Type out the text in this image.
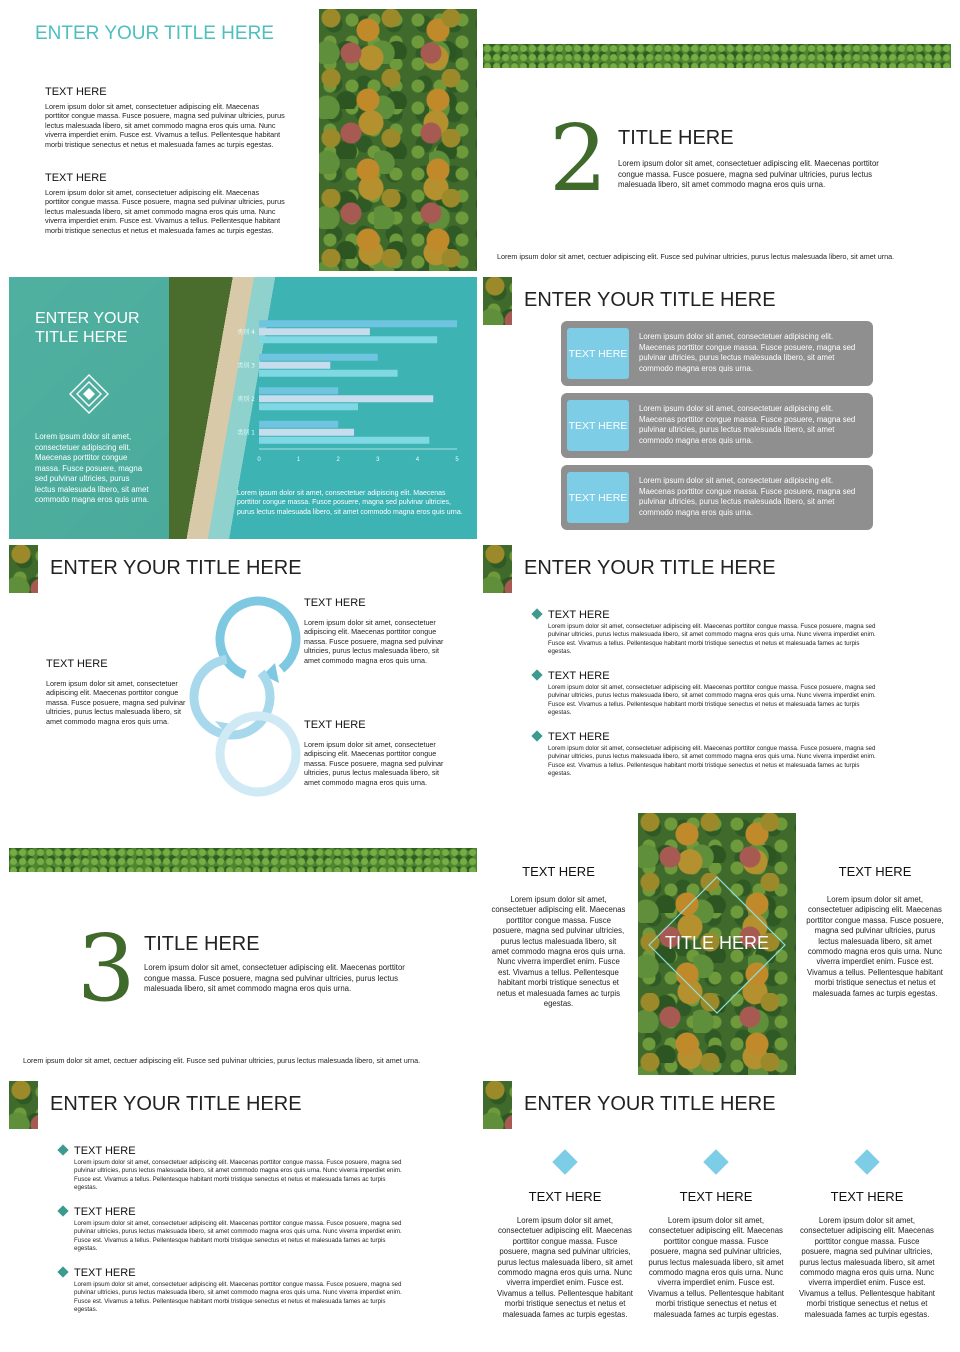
ENTER YOUR TITLE HERE
TEXT HERE
Lorem ipsum dolor sit amet, consectetuer adipiscing elit. Maecenas porttitor congue massa. Fusce posuere, magna sed pulvinar ultricies, purus lectus malesuada libero, sit amet commodo magna eros quis urna. Nunc viverra imperdiet enim. Fusce est. Vivamus a tellus. Pellentesque habitant morbi tristique senectus et netus et malesuada fames ac turpis egestas.
TEXT HERE
Lorem ipsum dolor sit amet, consectetuer adipiscing elit. Maecenas porttitor congue massa. Fusce posuere, magna sed pulvinar ultricies, purus lectus malesuada libero, sit amet commodo magna eros quis urna. Nunc viverra imperdiet enim. Fusce est. Vivamus a tellus. Pellentesque habitant morbi tristique senectus et netus et malesuada fames ac turpis egestas.
2 TITLE HERE
Lorem ipsum dolor sit amet, consectetuer adipiscing elit. Maecenas porttitor congue massa. Fusce posuere, magna sed pulvinar ultricies, purus lectus malesuada libero, sit amet commodo magna eros quis urna.
Lorem ipsum dolor sit amet, cectuer adipiscing elit. Fusce sed pulvinar ultricies, purus lectus malesuada libero, sit amet urna.
ENTER YOUR
TITLE HERE
Lorem ipsum dolor sit amet, consectetuer adipiscing elit. Maecenas porttitor congue massa. Fusce posuere, magna sed pulvinar ultricies, purus lectus malesuada libero, sit amet commodo magna eros quis urna.
0	1	2	3	4	5
类别 1
类别 2
类别 3
类别 4
Lorem ipsum dolor sit amet, consectetuer adipiscing elit. Maecenas porttitor congue massa. Fusce posuere, magna sed pulvinar ultricies, purus lectus malesuada libero, sit amet commodo magna eros quis urna.
ENTER YOUR TITLE HERE
TEXT HERE
Lorem ipsum dolor sit amet, consectetuer adipiscing elit. Maecenas porttitor congue massa. Fusce posuere, magna sed pulvinar ultricies, purus lectus malesuada libero, sit amet commodo magna eros quis urna.
TEXT HERE
Lorem ipsum dolor sit amet, consectetuer adipiscing elit. Maecenas porttitor congue massa. Fusce posuere, magna sed pulvinar ultricies, purus lectus malesuada libero, sit amet commodo magna eros quis urna.
TEXT HERE
Lorem ipsum dolor sit amet, consectetuer adipiscing elit. Maecenas porttitor congue massa. Fusce posuere, magna sed pulvinar ultricies, purus lectus malesuada libero, sit amet commodo magna eros quis urna.
ENTER YOUR TITLE HERE
TEXT HERE
Lorem ipsum dolor sit amet, consectetuer adipiscing elit. Maecenas porttitor congue massa. Fusce posuere, magna sed pulvinar ultricies, purus lectus malesuada libero, sit amet commodo magna eros quis urna.
TEXT HERE
Lorem ipsum dolor sit amet, consectetuer adipiscing elit. Maecenas porttitor congue massa. Fusce posuere, magna sed pulvinar ultricies, purus lectus malesuada libero, sit amet commodo magna eros quis urna.	TEXT HERE
Lorem ipsum dolor sit amet, consectetuer adipiscing elit. Maecenas porttitor congue massa. Fusce posuere, magna sed pulvinar ultricies, purus lectus malesuada libero, sit amet commodo magna eros quis urna.
ENTER YOUR TITLE HERE
TEXT HERE
Lorem ipsum dolor sit amet, consectetuer adipiscing elit. Maecenas porttitor congue massa. Fusce posuere, magna sed pulvinar ultricies, purus lectus malesuada libero, sit amet commodo magna eros quis urna. Nunc viverra imperdiet enim. Fusce est. Vivamus a tellus. Pellentesque habitant morbi tristique senectus et netus et malesuada fames ac turpis egestas.
TEXT HERE
Lorem ipsum dolor sit amet, consectetuer adipiscing elit. Maecenas porttitor congue massa. Fusce posuere, magna sed pulvinar ultricies, purus lectus malesuada libero, sit amet commodo magna eros quis urna. Nunc viverra imperdiet enim. Fusce est. Vivamus a tellus. Pellentesque habitant morbi tristique senectus et netus et malesuada fames ac turpis egestas.
TEXT HERE
Lorem ipsum dolor sit amet, consectetuer adipiscing elit. Maecenas porttitor congue massa. Fusce posuere, magna sed pulvinar ultricies, purus lectus malesuada libero, sit amet commodo magna eros quis urna. Nunc viverra imperdiet enim. Fusce est. Vivamus a tellus. Pellentesque habitant morbi tristique senectus et netus et malesuada fames ac turpis egestas.
3 TITLE HERE
Lorem ipsum dolor sit amet, consectetuer adipiscing elit. Maecenas porttitor congue massa. Fusce posuere, magna sed pulvinar ultricies, purus lectus malesuada libero, sit amet commodo magna eros quis urna.
Lorem ipsum dolor sit amet, cectuer adipiscing elit. Fusce sed pulvinar ultricies, purus lectus malesuada libero, sit amet urna.
TEXT HERE
Lorem ipsum dolor sit amet, consectetuer adipiscing elit. Maecenas porttitor congue massa. Fusce posuere, magna sed pulvinar ultricies, purus lectus malesuada libero, sit amet commodo magna eros quis urna. Nunc viverra imperdiet enim. Fusce est. Vivamus a tellus. Pellentesque habitant morbi tristique senectus et netus et malesuada fames ac turpis egestas.
TITLE HERE
TEXT HERE
Lorem ipsum dolor sit amet, consectetuer adipiscing elit. Maecenas porttitor congue massa. Fusce posuere, magna sed pulvinar ultricies, purus lectus malesuada libero, sit amet commodo magna eros quis urna. Nunc viverra imperdiet enim. Fusce est. Vivamus a tellus. Pellentesque habitant morbi tristique senectus et netus et malesuada fames ac turpis egestas.
ENTER YOUR TITLE HERE
TEXT HERE
Lorem ipsum dolor sit amet, consectetuer adipiscing elit. Maecenas porttitor congue massa. Fusce posuere, magna sed pulvinar ultricies, purus lectus malesuada libero, sit amet commodo magna eros quis urna. Nunc viverra imperdiet enim. Fusce est. Vivamus a tellus. Pellentesque habitant morbi tristique senectus et netus et malesuada fames ac turpis egestas.
TEXT HERE
Lorem ipsum dolor sit amet, consectetuer adipiscing elit. Maecenas porttitor congue massa. Fusce posuere, magna sed pulvinar ultricies, purus lectus malesuada libero, sit amet commodo magna eros quis urna. Nunc viverra imperdiet enim. Fusce est. Vivamus a tellus. Pellentesque habitant morbi tristique senectus et netus et malesuada fames ac turpis egestas.
TEXT HERE
Lorem ipsum dolor sit amet, consectetuer adipiscing elit. Maecenas porttitor congue massa. Fusce posuere, magna sed pulvinar ultricies, purus lectus malesuada libero, sit amet commodo magna eros quis urna. Nunc viverra imperdiet enim. Fusce est. Vivamus a tellus. Pellentesque habitant morbi tristique senectus et netus et malesuada fames ac turpis egestas.
ENTER YOUR TITLE HERE
TEXT HERE
Lorem ipsum dolor sit amet, consectetuer adipiscing elit. Maecenas porttitor congue massa. Fusce posuere, magna sed pulvinar ultricies, purus lectus malesuada libero, sit amet commodo magna eros quis urna. Nunc viverra imperdiet enim. Fusce est. Vivamus a tellus. Pellentesque habitant morbi tristique senectus et netus et malesuada fames ac turpis egestas.
TEXT HERE
Lorem ipsum dolor sit amet, consectetuer adipiscing elit. Maecenas porttitor congue massa. Fusce posuere, magna sed pulvinar ultricies, purus lectus malesuada libero, sit amet commodo magna eros quis urna. Nunc viverra imperdiet enim. Fusce est. Vivamus a tellus. Pellentesque habitant morbi tristique senectus et netus et malesuada fames ac turpis egestas.
TEXT HERE
Lorem ipsum dolor sit amet, consectetuer adipiscing elit. Maecenas porttitor congue massa. Fusce posuere, magna sed pulvinar ultricies, purus lectus malesuada libero, sit amet commodo magna eros quis urna. Nunc viverra imperdiet enim. Fusce est. Vivamus a tellus. Pellentesque habitant morbi tristique senectus et netus et malesuada fames ac turpis egestas.
